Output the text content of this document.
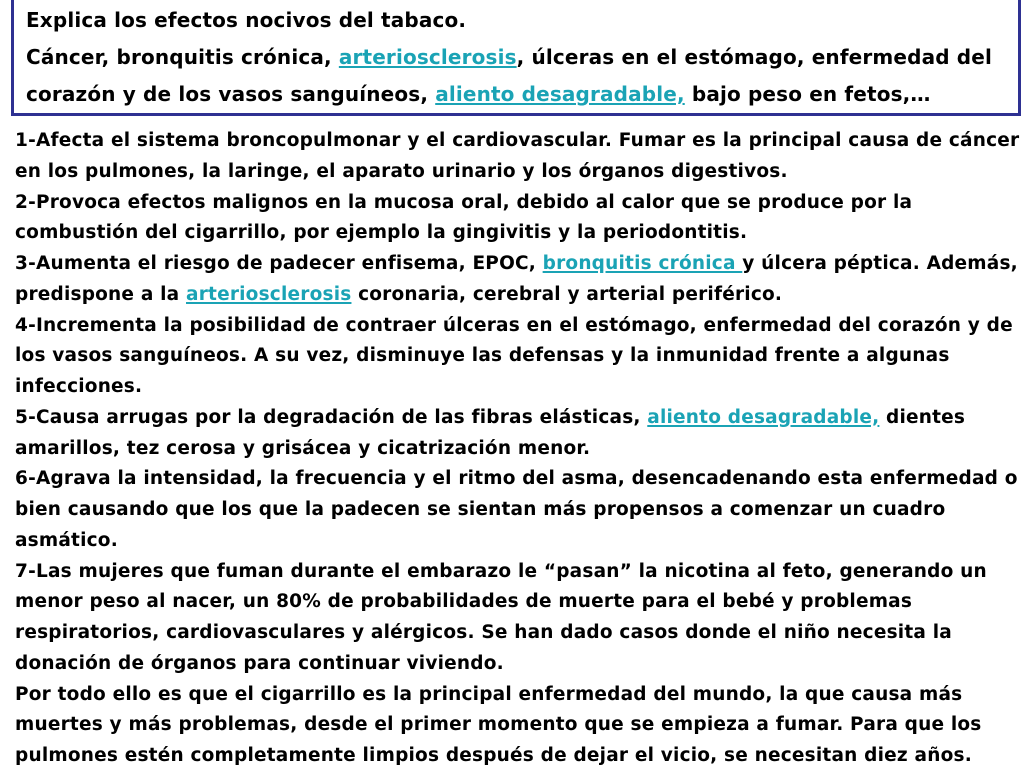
Explica los efectos nocivos del tabaco.
Cáncer, bronquitis crónica, arteriosclerosis, úlceras en el estómago, enfermedad del
corazón y de los vasos sanguíneos, aliento desagradable, bajo peso en fetos,…
1-Afecta el sistema broncopulmonar y el cardiovascular. Fumar es la principal causa de cáncer
en los pulmones, la laringe, el aparato urinario y los órganos digestivos.
2-Provoca efectos malignos en la mucosa oral, debido al calor que se produce por la
combustión del cigarrillo, por ejemplo la gingivitis y la periodontitis.
3-Aumenta el riesgo de padecer enfisema, EPOC, bronquitis crónica y úlcera péptica. Además,
predispone a la arteriosclerosis coronaria, cerebral y arterial periférico.
4-Incrementa la posibilidad de contraer úlceras en el estómago, enfermedad del corazón y de
los vasos sanguíneos. A su vez, disminuye las defensas y la inmunidad frente a algunas
infecciones.
5-Causa arrugas por la degradación de las fibras elásticas, aliento desagradable, dientes
amarillos, tez cerosa y grisácea y cicatrización menor.
6-Agrava la intensidad, la frecuencia y el ritmo del asma, desencadenando esta enfermedad o
bien causando que los que la padecen se sientan más propensos a comenzar un cuadro
asmático.
7-Las mujeres que fuman durante el embarazo le “pasan” la nicotina al feto, generando un
menor peso al nacer, un 80% de probabilidades de muerte para el bebé y problemas
respiratorios, cardiovasculares y alérgicos. Se han dado casos donde el niño necesita la
donación de órganos para continuar viviendo.
Por todo ello es que el cigarrillo es la principal enfermedad del mundo, la que causa más
muertes y más problemas, desde el primer momento que se empieza a fumar. Para que los
pulmones estén completamente limpios después de dejar el vicio, se necesitan diez años.
